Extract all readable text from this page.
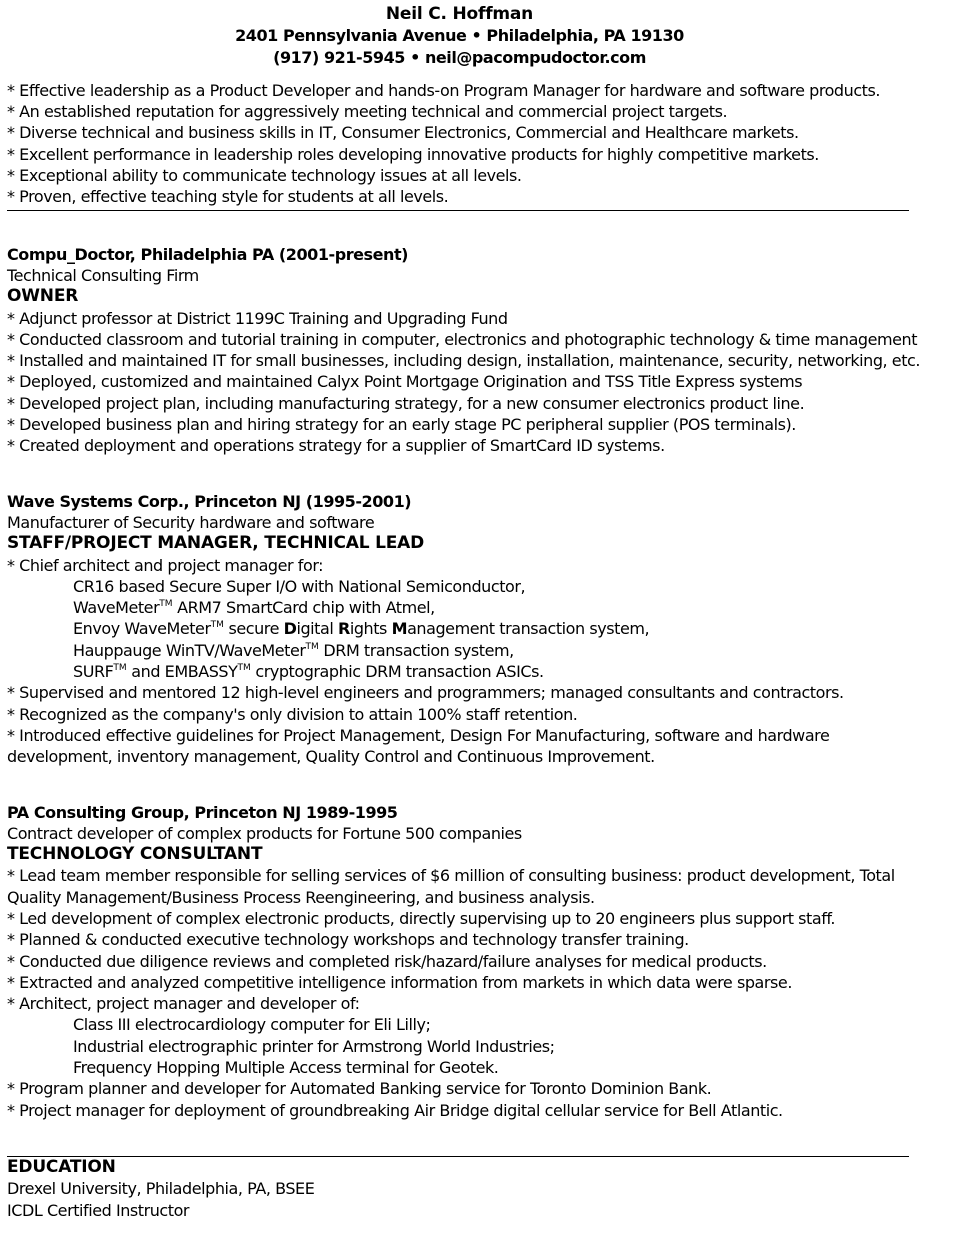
Neil C. Hoffman
2401 Pennsylvania Avenue • Philadelphia, PA 19130
(917) 921-5945 • neil@pacompudoctor.com
* Effective leadership as a Product Developer and hands-on Program Manager for hardware and software products.
* An established reputation for aggressively meeting technical and commercial project targets.
* Diverse technical and business skills in IT, Consumer Electronics, Commercial and Healthcare markets.
* Excellent performance in leadership roles developing innovative products for highly competitive markets.
* Exceptional ability to communicate technology issues at all levels.
* Proven, effective teaching style for students at all levels.
Compu_Doctor, Philadelphia PA (2001-present)
Technical Consulting Firm
OWNER
* Adjunct professor at District 1199C Training and Upgrading Fund
* Conducted classroom and tutorial training in computer, electronics and photographic technology & time management
* Installed and maintained IT for small businesses, including design, installation, maintenance, security, networking, etc.
* Deployed, customized and maintained Calyx Point Mortgage Origination and TSS Title Express systems
* Developed project plan, including manufacturing strategy, for a new consumer electronics product line.
* Developed business plan and hiring strategy for an early stage PC peripheral supplier (POS terminals).
* Created deployment and operations strategy for a supplier of SmartCard ID systems.
Wave Systems Corp., Princeton NJ (1995-2001)
Manufacturer of Security hardware and software
STAFF/PROJECT MANAGER, TECHNICAL LEAD
* Chief architect and project manager for:
CR16 based Secure Super I/O with National Semiconductor,
WaveMeter™ ARM7 SmartCard chip with Atmel,
Envoy WaveMeter™ secure Digital Rights Management transaction system,
Hauppauge WinTV/WaveMeter™ DRM transaction system,
SURF™ and EMBASSY™ cryptographic DRM transaction ASICs.
* Supervised and mentored 12 high-level engineers and programmers; managed consultants and contractors.
* Recognized as the company's only division to attain 100% staff retention.
* Introduced effective guidelines for Project Management, Design For Manufacturing, software and hardware
development, inventory management, Quality Control and Continuous Improvement.
PA Consulting Group, Princeton NJ 1989-1995
Contract developer of complex products for Fortune 500 companies
TECHNOLOGY CONSULTANT
* Lead team member responsible for selling services of $6 million of consulting business: product development, Total
Quality Management/Business Process Reengineering, and business analysis.
* Led development of complex electronic products, directly supervising up to 20 engineers plus support staff.
* Planned & conducted executive technology workshops and technology transfer training.
* Conducted due diligence reviews and completed risk/hazard/failure analyses for medical products.
* Extracted and analyzed competitive intelligence information from markets in which data were sparse.
* Architect, project manager and developer of:
Class III electrocardiology computer for Eli Lilly;
Industrial electrographic printer for Armstrong World Industries;
Frequency Hopping Multiple Access terminal for Geotek.
* Program planner and developer for Automated Banking service for Toronto Dominion Bank.
* Project manager for deployment of groundbreaking Air Bridge digital cellular service for Bell Atlantic.
EDUCATION
Drexel University, Philadelphia, PA, BSEE
ICDL Certified Instructor
